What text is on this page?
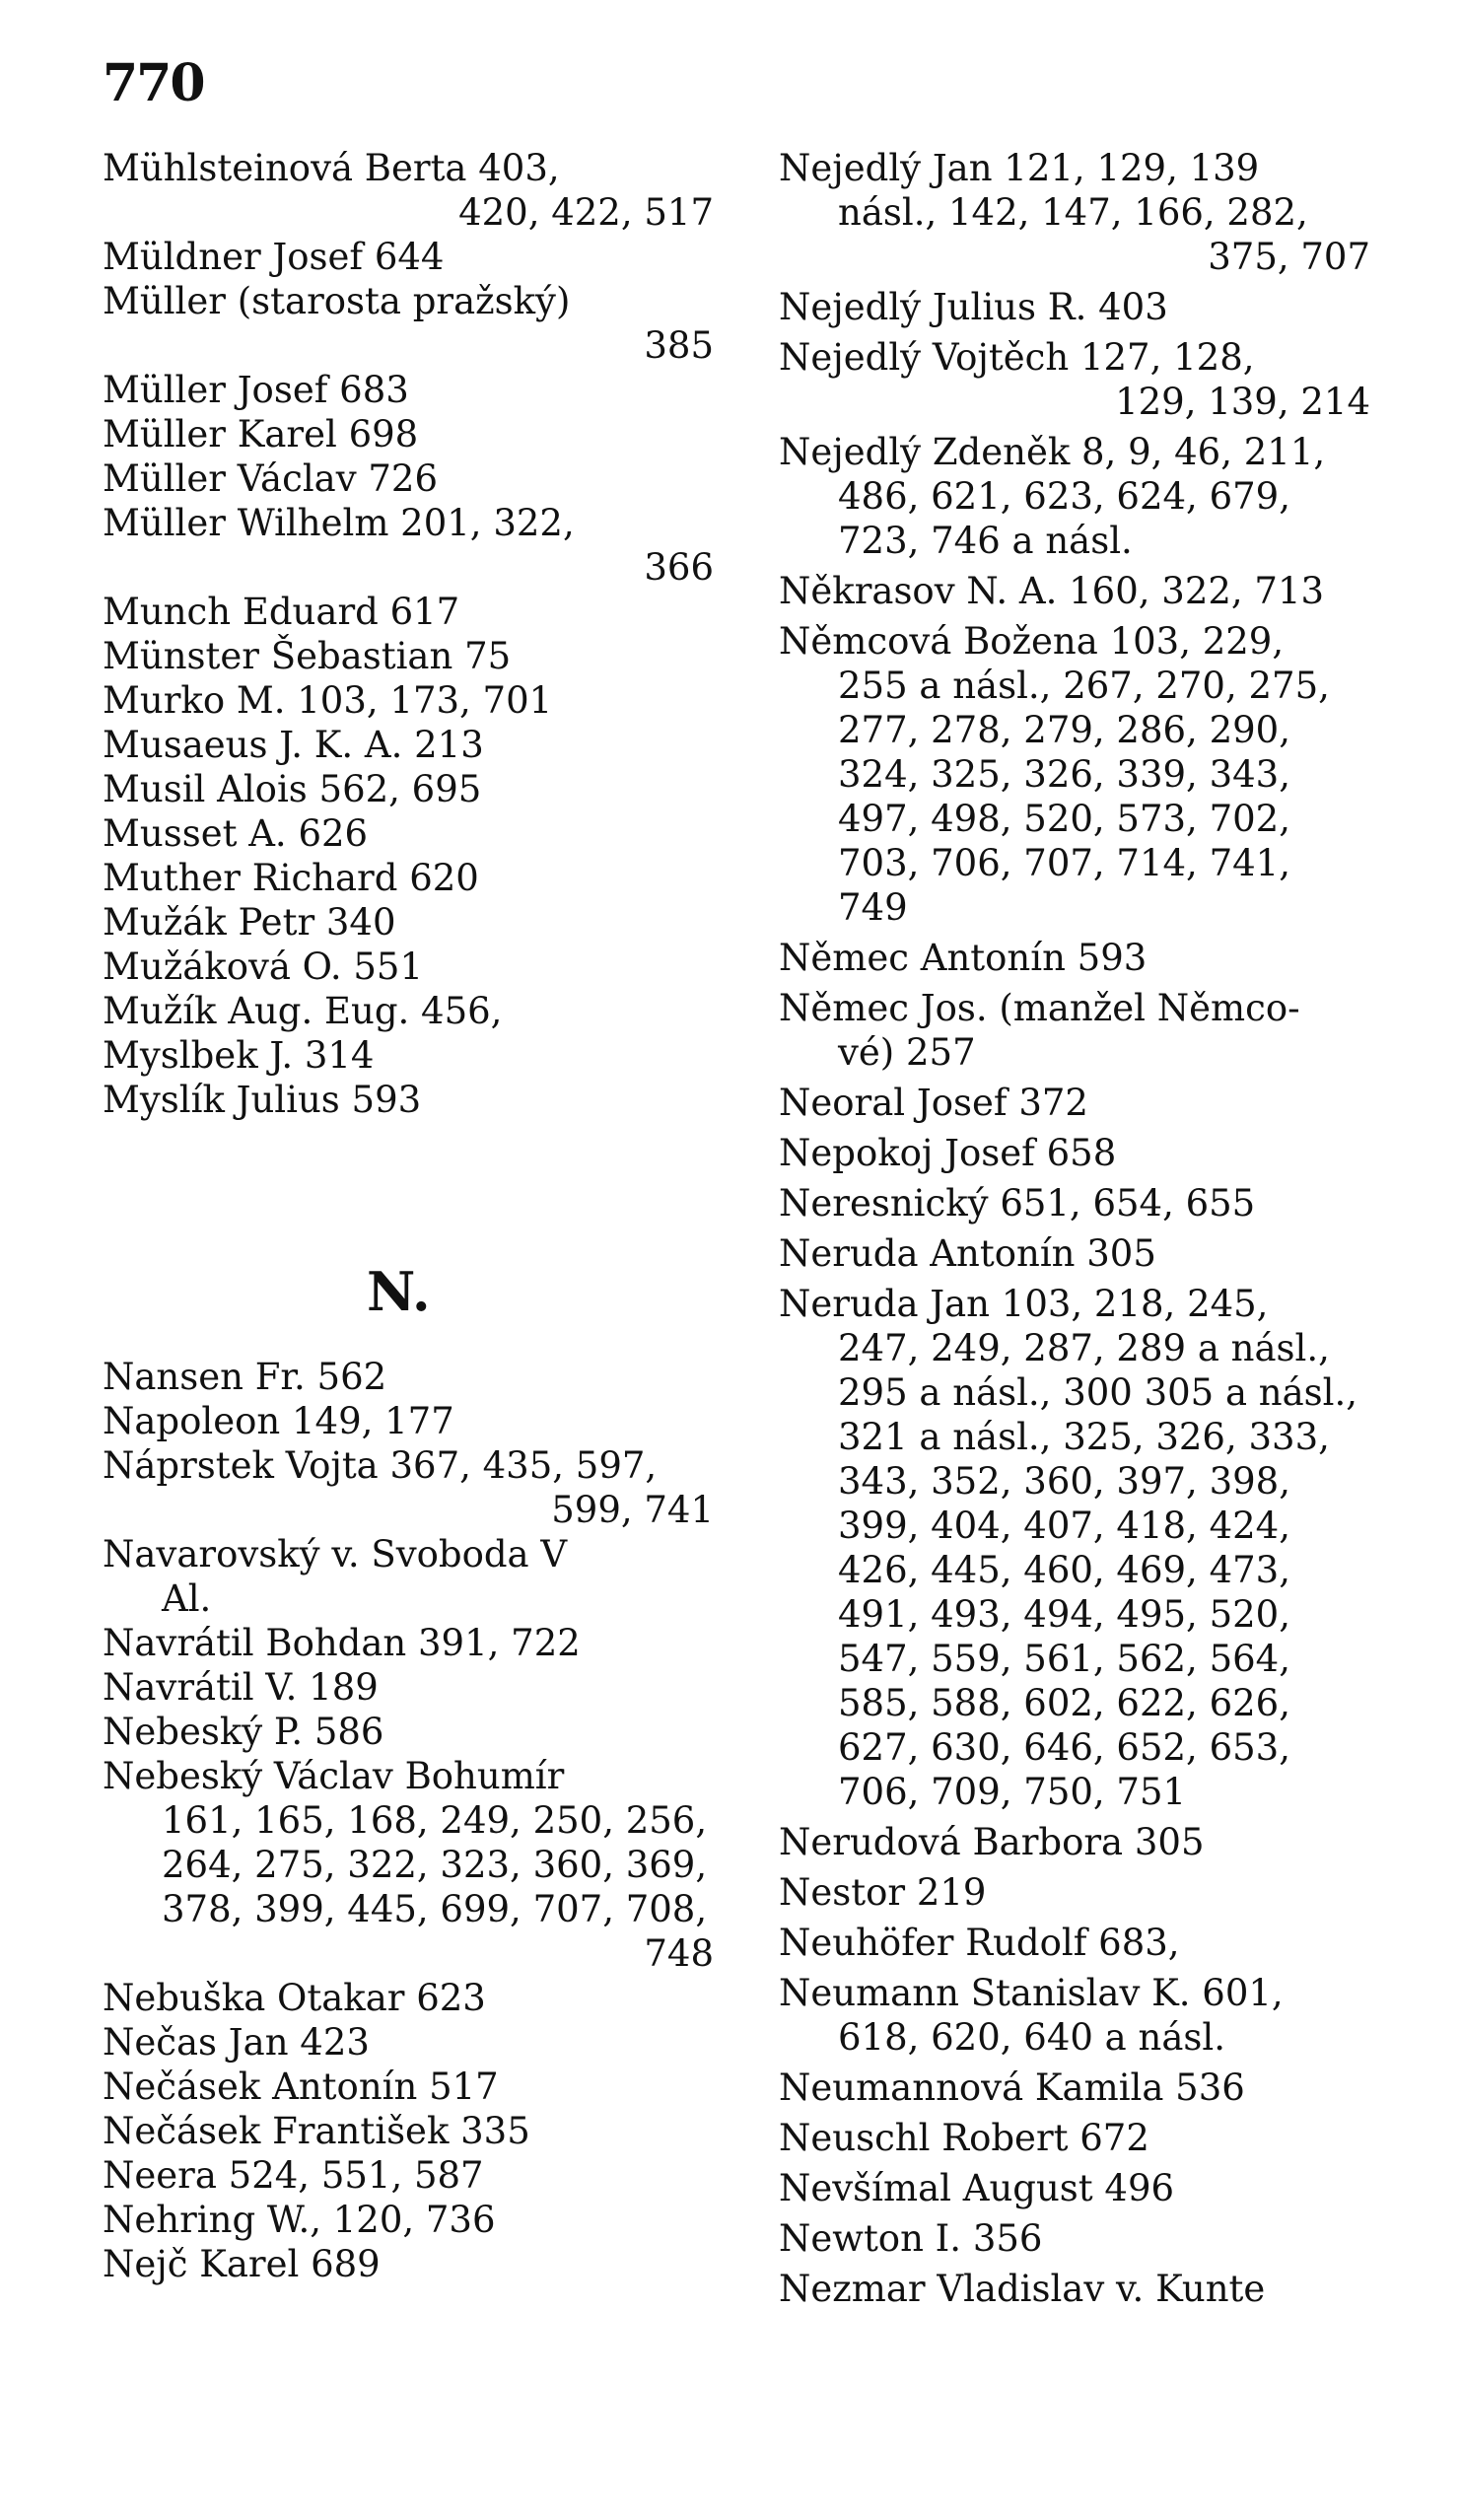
770

Mühlsteinová Berta 403,
420, 422, 517

Müldner Josef 644

Müller (starosta pražský)
385

Müller Josef 683

Müller Karel 698

Müller Václav 726

Müller Wilhelm 201, 322,
366

Munch Eduard 617

Münster Šebastian 75

Murko M. 103, 173, 701

Musaeus J. K. A. 213

Musil Alois 562, 695

Musset A. 626

Muther Richard 620

Mužák Petr 340

Mužáková O. 551

Mužík Aug. Eug. 456,

Myslbek J. 314

Myslík Julius 593

N.

Nansen Fr. 562

Napoleon 149, 177

Náprstek Vojta 367, 435, 597,
599, 741

Navarovský v. Svoboda V
Al.

Navrátil Bohdan 391, 722

Navrátil V. 189

Nebeský P. 586

Nebeský Václav Bohumír
161, 165, 168, 249, 250, 256, 264, 275, 322, 323, 360, 369, 378, 399, 445, 699, 707, 708,
748

Nebuška Otakar 623

Nečas Jan 423

Nečásek Antonín 517

Nečásek František 335

Neera 524, 551, 587

Nehring W., 120, 736

Nejč Karel 689

Nejedlý Jan 121, 129, 139
násl., 142, 147, 166, 282,
375, 707

Nejedlý Julius R. 403

Nejedlý Vojtěch 127, 128,
129, 139, 214

Nejedlý Zdeněk 8, 9, 46, 211,
486, 621, 623, 624, 679, 723, 746 a násl.

Někrasov N. A. 160, 322, 713

Němcová Božena 103, 229,
255 a násl., 267, 270, 275, 277, 278, 279, 286, 290, 324, 325, 326, 339, 343, 497, 498, 520, 573, 702, 703, 706, 707, 714, 741, 749

Němec Antonín 593

Němec Jos. (manžel Němco-
vé) 257

Neoral Josef 372

Nepokoj Josef 658

Neresnický 651, 654, 655

Neruda Antonín 305

Neruda Jan 103, 218, 245,
247, 249, 287, 289 a násl., 295 a násl., 300 305 a násl., 321 a násl., 325, 326, 333, 343, 352, 360, 397, 398, 399, 404, 407, 418, 424, 426, 445, 460, 469, 473, 491, 493, 494, 495, 520, 547, 559, 561, 562, 564, 585, 588, 602, 622, 626, 627, 630, 646, 652, 653, 706, 709, 750, 751

Nerudová Barbora 305

Nestor 219

Neuhöfer Rudolf 683,

Neumann Stanislav K. 601,
618, 620, 640 a násl.

Neumannová Kamila 536

Neuschl Robert 672

Nevšímal August 496

Newton I. 356

Nezmar Vladislav v. Kunte
